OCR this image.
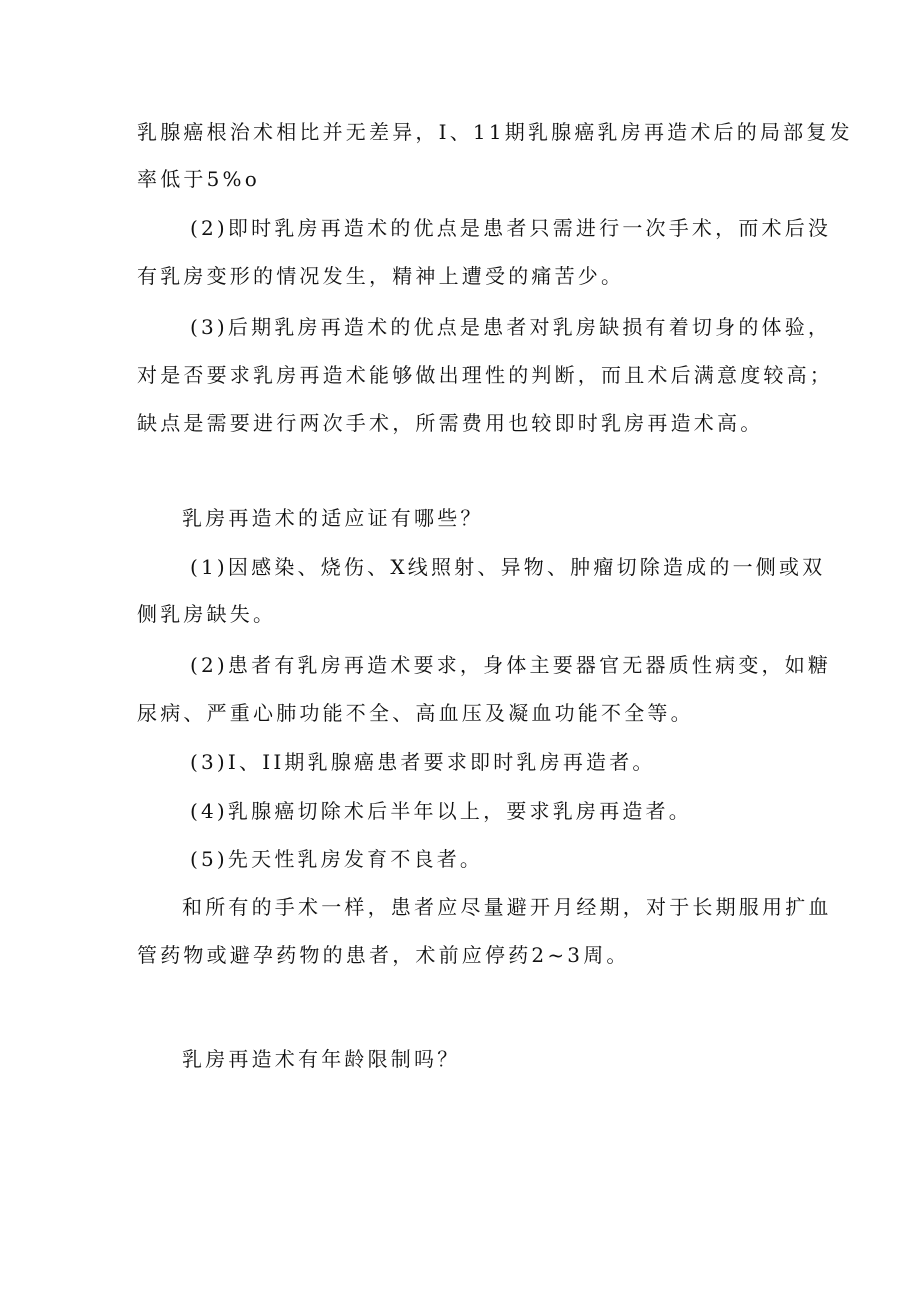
乳腺癌根治术相比并无差异，I、11期乳腺癌乳房再造术后的局部复发
率低于5%o
(2)即时乳房再造术的优点是患者只需进行一次手术，而术后没
有乳房变形的情况发生，精神上遭受的痛苦少。
(3)后期乳房再造术的优点是患者对乳房缺损有着切身的体验，
对是否要求乳房再造术能够做出理性的判断，而且术后满意度较高；
缺点是需要进行两次手术，所需费用也较即时乳房再造术高。
乳房再造术的适应证有哪些？
(1)因感染、烧伤、X线照射、异物、肿瘤切除造成的一侧或双
侧乳房缺失。
(2)患者有乳房再造术要求，身体主要器官无器质性病变，如糖
尿病、严重心肺功能不全、高血压及凝血功能不全等。
(3)I、II期乳腺癌患者要求即时乳房再造者。
(4)乳腺癌切除术后半年以上，要求乳房再造者。
(5)先天性乳房发育不良者。
和所有的手术一样，患者应尽量避开月经期，对于长期服用扩血
管药物或避孕药物的患者，术前应停药2~3周。
乳房再造术有年龄限制吗？
